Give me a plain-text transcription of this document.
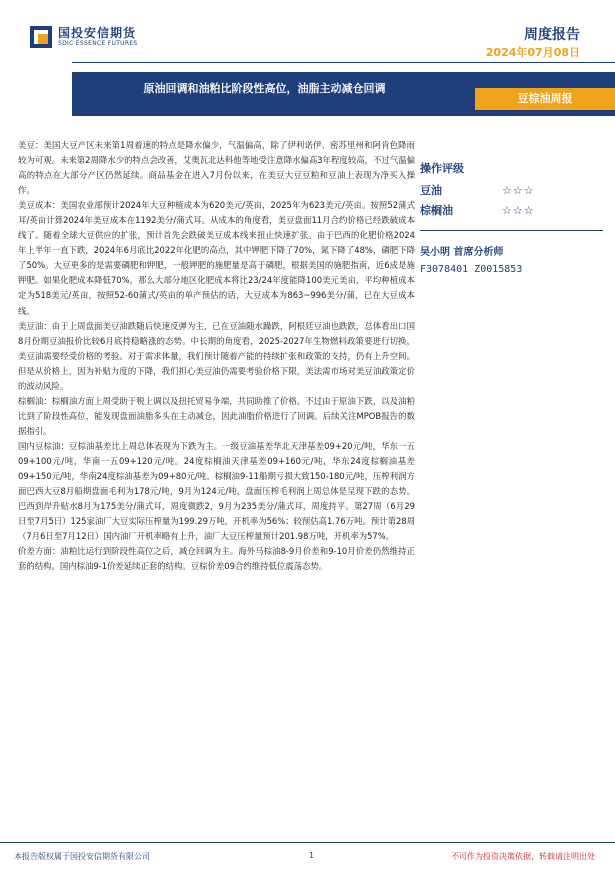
国投安信期货
SDIC ESSENCE FUTURES
周度报告
2024年07月08日
原油回调和油粕比阶段性高位，油脂主动减仓回调
豆棕油周报

美豆：美国大豆产区未来第1周着速的特点是降水偏少，气温偏高，除了伊利诺伊、密苏里州和阿肯色降雨较为可观。未来第2周降水少的特点会改善，艾奥瓦北达科他等地受注意降水偏高3年程度较高，不过气温偏高的特点在大部分产区仍然延续。商品基金在进入7月份以来，在美豆大豆豆粕和豆油上表现为净买入操作。

美豆成本：美国农业部预计2024年大豆种植成本为620美元/英亩，2025年为623美元/英亩。按照52蒲式耳/英亩计算2024年美豆成本在1192美分/蒲式耳。从成本的角度看，美豆盘面11月合约价格已经跌破成本线了。随着全球大豆供应的扩张，预计首先会跌破美豆成本线来扭止快速扩张。由于巴西的化肥价格2024年上半年一直下跌，2024年6月底比2022年化肥的高点，其中钾肥下降了70%，氮下降了48%，磷肥下降了50%。大豆更多的是需要磷肥和钾肥，一般钾肥的施肥量是高于磷肥，根据美国的施肥指南，近6成是施钾肥。如果化肥成本降低70%，那么大部分地区化肥成本将比23/24年度能降100美元美亩，平均种植成本定为518美元/英亩，按照52-60蒲式/英亩的单产预估的话，大豆成本为863~996美分/蒲，已在大豆成本线。

美豆油：由于上周盘面美豆油跌随后快速反弹为主，已在豆油随水躁跌，阿根廷豆油也跌跌，总体看出口国8月份期豆油报价比较6月底持稳略涨的态势。中长期的角度看，2025-2027年生物燃料政策要进行切换，美豆油需要经受价格的考验。对于需求体量，我们预计随着产能的持续扩张和政策的支持，仍有上升空间。但是从价格上，因为补贴力度的下降，我们担心美豆油仍需要考验价格下限，美法需市场对美豆油政策定价的波动风险。

棕榈油：棕榈油方面上周受助于税上调以及扭托贸易争端，共同助推了价格。不过由于原油下跌，以及油粕比到了阶段性高位，能发现盘面油脂多头在主动减仓，因此油脂价格进行了回调。后续关注MPOB报告的数据指引。

国内豆棕油：豆棕油基差比上周总体表现为下跌为主。一级豆油基差华北天津基差09+20元/吨，华东一五09+100元/吨，华南一五09+120元/吨。24度棕榈油天津基差09+160元/吨，华东24度棕榈油基差09+150元/吨，华南24度棕油基差为09+80元/吨。棕榈油9-11船期亏损大致150-180元/吨，压榨利润方面巴西大豆8月船期盘面毛利为178元/吨，9月为124元/吨，盘面压榨毛利润上周总体是呈现下跌的态势。巴西到岸升贴水8月为175美分/蒲式耳，周度微跌2，9月为235美分/蒲式耳，周度持平。第27周（6月29日至7月5日）125家油厂大豆实际压榨量为199.29万吨，开机率为56%；较预估高1.76万吨。预计第28周（7月6日至7月12日）国内油厂开机率略有上升，油厂大豆压榨量预计201.98万吨，开机率为57%。

价差方面：油粕比运行到阶段性高位之后，减仓回调为主。海外马棕油8-9月价差和9-10月价差仍然维持正套的结构。国内棕油9-1价差延续正套的结构。豆棕价差09合约维持低位震荡态势。

操作评级
豆油	☆☆☆
棕榈油	☆☆☆
吴小明 首席分析师
F3078401 Z0015853
本报告版权属于国投安信期货有限公司	1	不可作为投资决策依据，转载请注明出处
